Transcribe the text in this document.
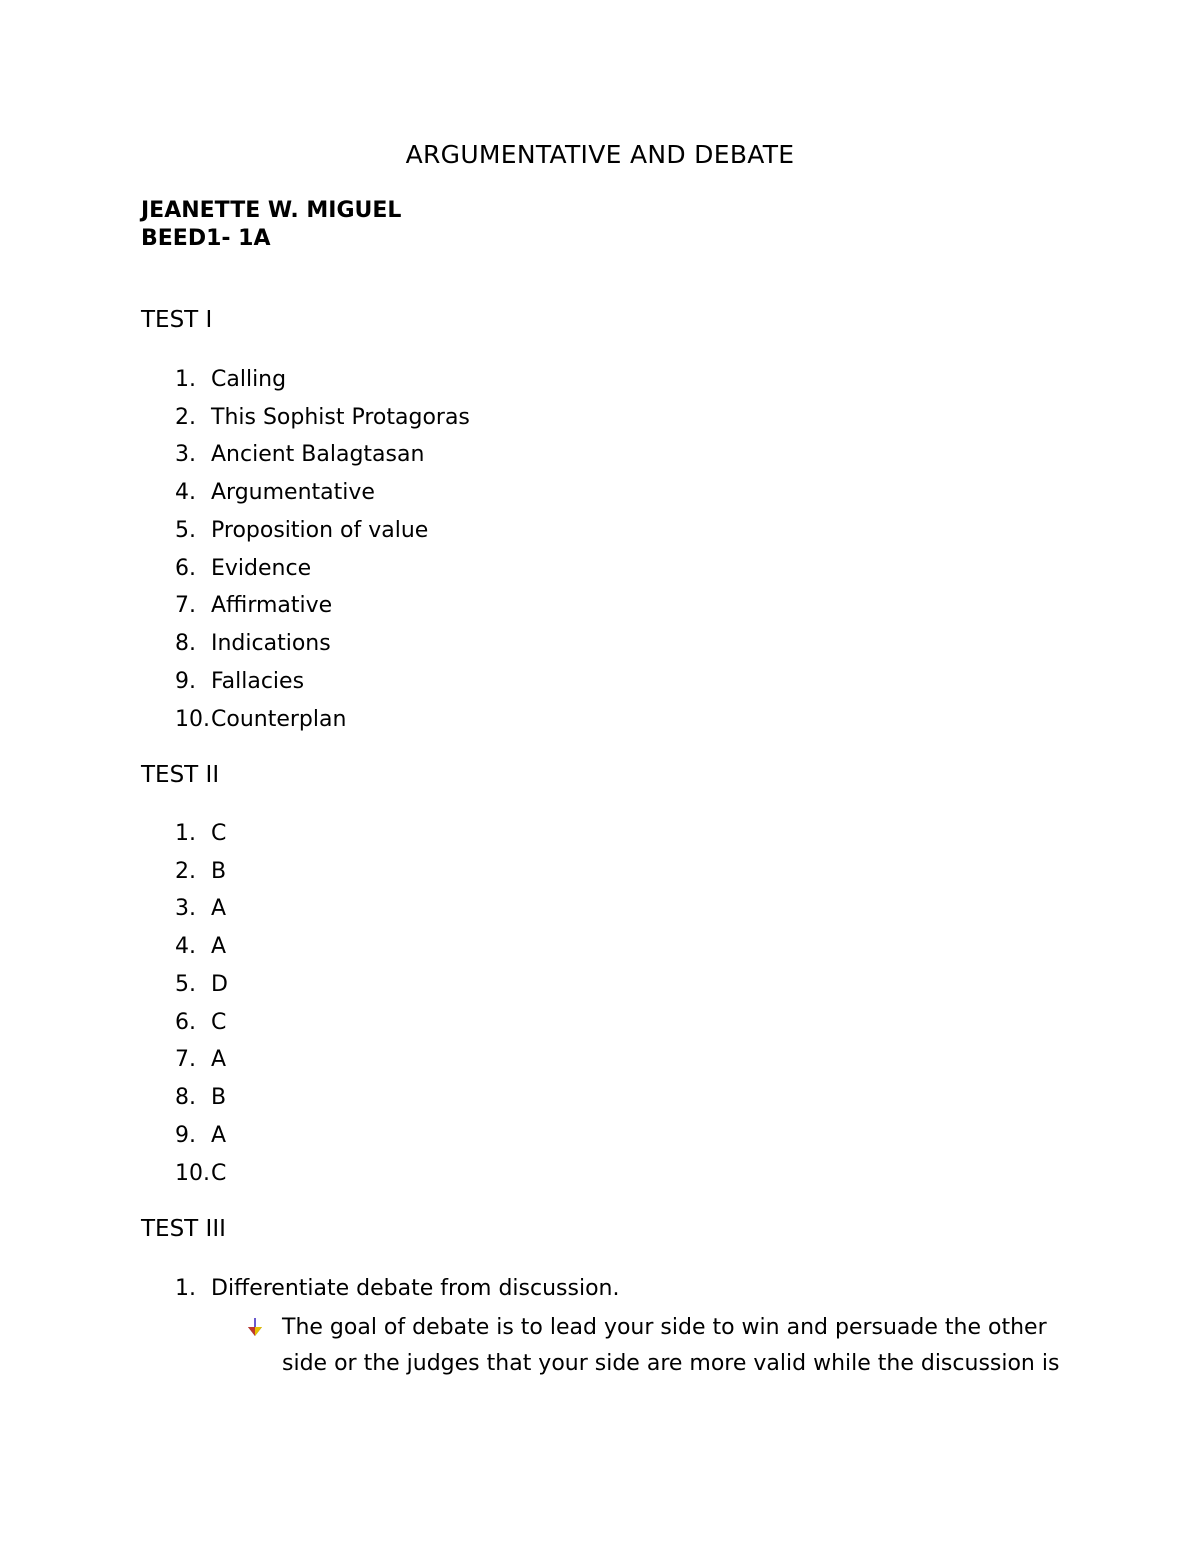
ARGUMENTATIVE AND DEBATE
JEANETTE W. MIGUEL
BEED1- 1A
TEST I
1. Calling
2. This Sophist Protagoras
3. Ancient Balagtasan
4. Argumentative
5. Proposition of value
6. Evidence
7. Affirmative
8. Indications
9. Fallacies
10. Counterplan
TEST II
1. C
2. B
3. A
4. A
5. D
6. C
7. A
8. B
9. A
10. C
TEST III
1. Differentiate debate from discussion.
The goal of debate is to lead your side to win and persuade the other
side or the judges that your side are more valid while the discussion is
